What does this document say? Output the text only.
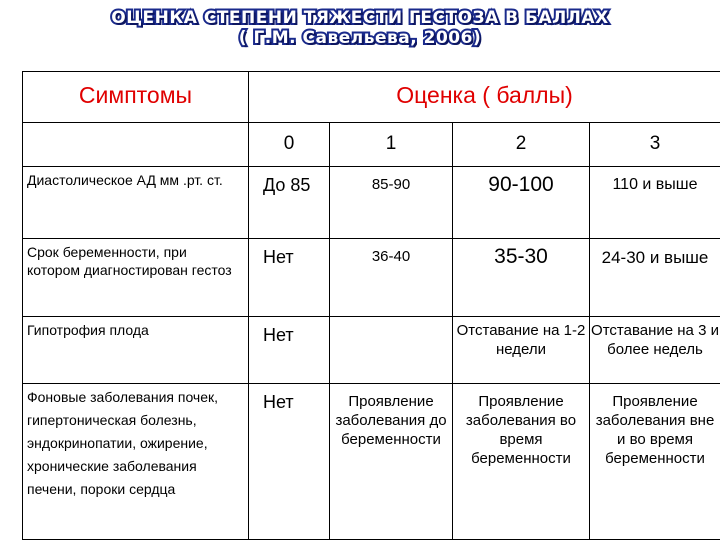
ОЦЕНКА СТЕПЕНИ ТЯЖЕСТИ ГЕСТОЗА В БАЛЛАХ
( Г.М. Савельева, 2006)
Симптомы	Оценка ( баллы)			
	0	1	2	3
Диастолическое АД мм .рт. ст.	До 85	85-90	90-100	110 и выше
Срок беременности, при котором диагностирован гестоз	Нет	36-40	35-30	24-30 и выше
Гипотрофия плода	Нет		Отставание на 1-2 недели	Отставание на 3 и более недель
Фоновые заболевания почек, гипертоническая болезнь, эндокринопатии, ожирение, хронические заболевания печени, пороки сердца	Нет	Проявление заболевания до беременности	Проявление заболевания во время беременности	Проявление заболевания вне и во время беременности
